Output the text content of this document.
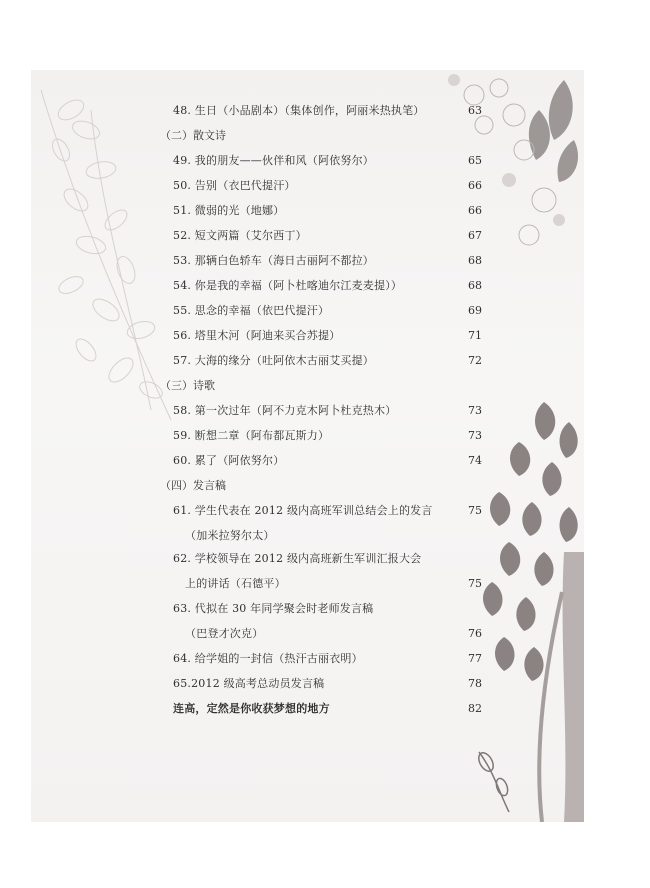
48. 生日（小品剧本）（集体创作，阿丽米热执笔）	63
（二）散文诗
49. 我的朋友——伙伴和风（阿依努尔）	65
50. 告别（衣巴代提汗）	66
51. 微弱的光（地娜）	66
52. 短文两篇（艾尔西丁）	67
53. 那辆白色轿车（海日古丽阿不都拉）	68
54. 你是我的幸福（阿卜杜喀迪尔江麦麦提））	68
55. 思念的幸福（依巴代提汗）	69
56. 塔里木河（阿迪来买合苏提）	71
57. 大海的缘分（吐阿依木古丽艾买提）	72
（三）诗歌
58. 第一次过年（阿不力克木阿卜杜克热木）	73
59. 断想二章（阿布都瓦斯力）	73
60. 累了（阿依努尔）	74
（四）发言稿
61. 学生代表在 2012 级内高班军训总结会上的发言	75
（加米拉努尔太）
62. 学校领导在 2012 级内高班新生军训汇报大会
上的讲话（石德平）	75
63. 代拟在 30 年同学聚会时老师发言稿
（巴登才次克）	76
64. 给学姐的一封信（热汗古丽衣明）	77
65.2012 级高考总动员发言稿	78
连高，定然是你收获梦想的地方	82
